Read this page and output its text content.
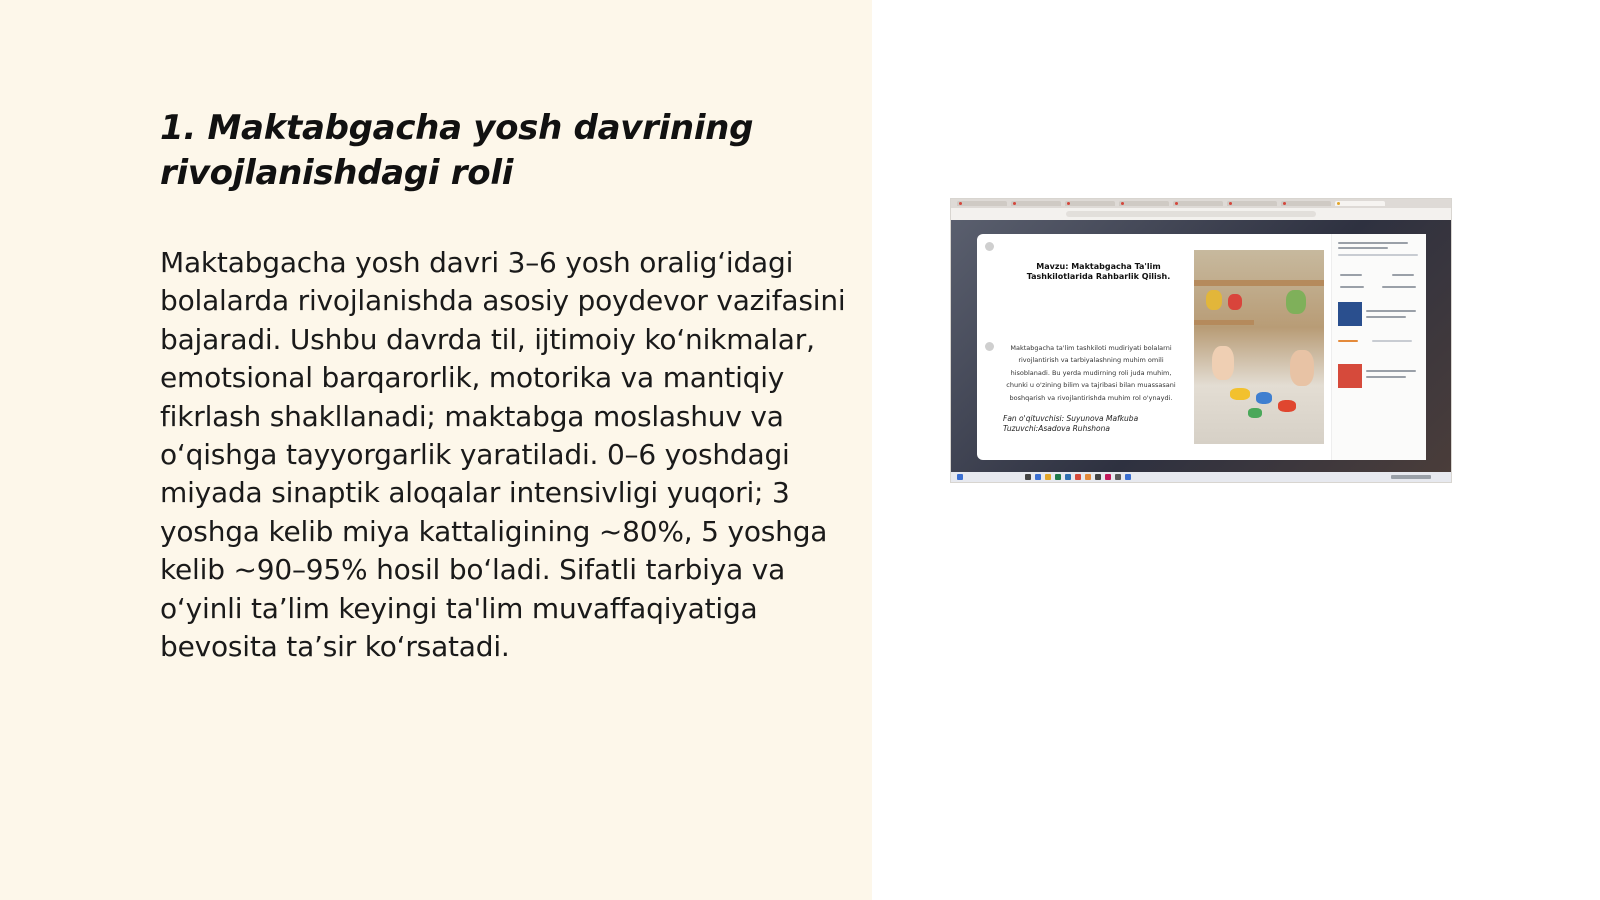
1. Maktabgacha yosh davrining rivojlanishdagi roli

Maktabgacha yosh davri 3–6 yosh oralig‘idagi bolalarda rivojlanishda asosiy poydevor vazifasini bajaradi. Ushbu davrda til, ijtimoiy ko‘nikmalar, emotsional barqarorlik, motorika va mantiqiy fikrlash shakllanadi; maktabga moslashuv va o‘qishga tayyorgarlik yaratiladi. 0–6 yoshdagi miyada sinaptik aloqalar intensivligi yuqori; 3 yoshga kelib miya kattaligining ~80%, 5 yoshga kelib ~90–95% hosil bo‘ladi. Sifatli tarbiya va o‘yinli ta’lim keyingi ta'lim muvaffaqiyatiga bevosita ta’sir ko‘rsatadi.

Mavzu: Maktabgacha Ta'lim Tashkilotlarida Rahbarlik Qilish.

Maktabgacha ta'lim tashkiloti mudiriyati bolalarni rivojlantirish va tarbiyalashning muhim omili hisoblanadi. Bu yerda mudirning roli juda muhim, chunki u o'zining bilim va tajribasi bilan muassasani boshqarish va rivojlantirishda muhim rol o'ynaydi.

Fan o'qituvchisi: Suyunova Mafkuba
Tuzuvchi:Asadova Ruhshona
